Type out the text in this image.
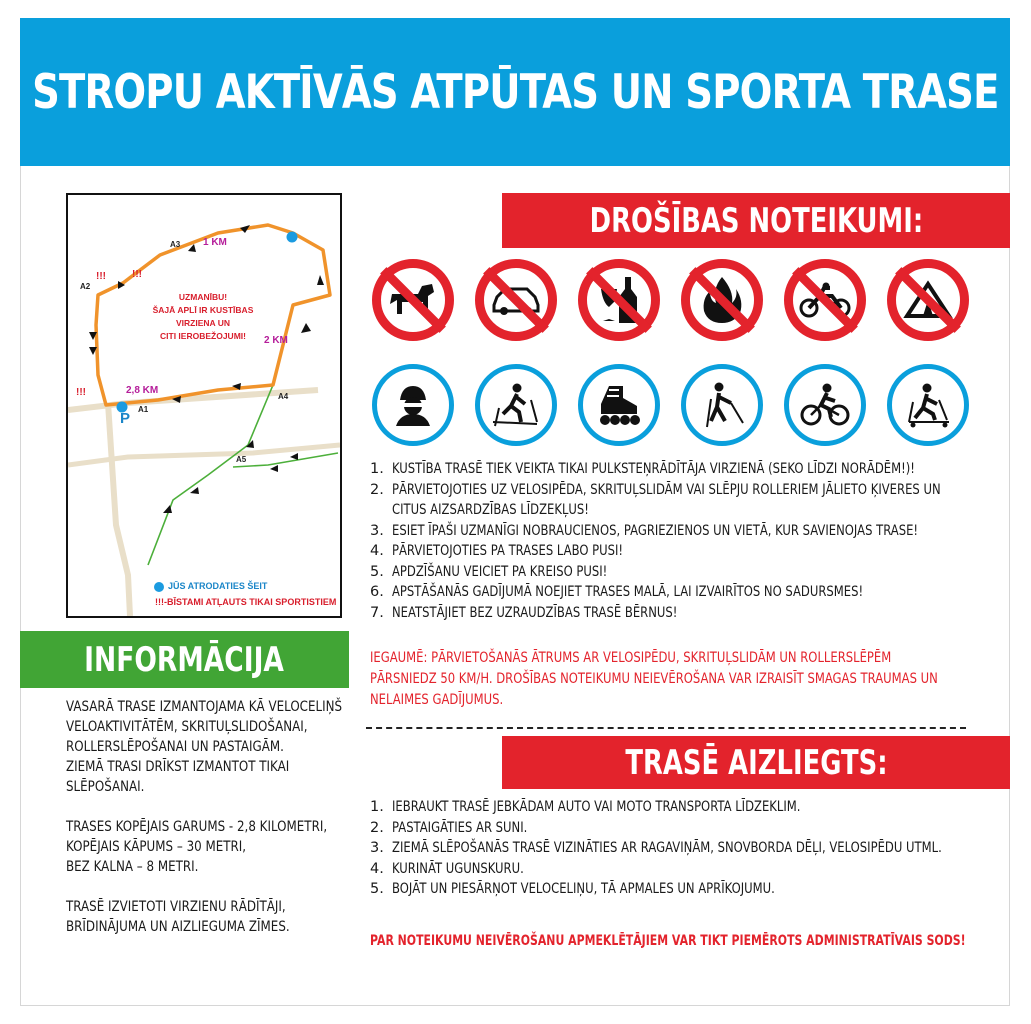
STROPU AKTĪVĀS ATPŪTAS UN SPORTA TRASE
A3
A2
A1
A4
A5
1 KM
2 KM
2,8 KM
!!!	!!!
!!!
UZMANĪBU!
ŠAJĀ APLĪ IR KUSTĪBAS VIRZIENA UN
CITI IEROBEŽOJUMI!
P
JŪS ATRODATIES ŠEIT
!!!-BĪSTAMI ATĻAUTS TIKAI SPORTISTIEM
INFORMĀCIJA
VASARĀ TRASE IZMANTOJAMA KĀ VELOCELIŅŠ
VELOAKTIVITĀTĒM, SKRITUĻSLIDOŠANAI,
ROLLERSLĒPOŠANAI UN PASTAIGĀM.
ZIEMĀ TRASI DRĪKST IZMANTOT TIKAI
SLĒPOŠANAI.
TRASES KOPĒJAIS GARUMS - 2,8 KILOMETRI,
KOPĒJAIS KĀPUMS – 30 METRI,
BEZ KALNA – 8 METRI.
TRASĒ IZVIETOTI VIRZIENU RĀDĪTĀJI,
BRĪDINĀJUMA UN AIZLIEGUMA ZĪMES.
DROŠĪBAS NOTEIKUMI:
1. KUSTĪBA TRASĒ TIEK VEIKTA TIKAI PULKSTEŅRĀDĪTĀJA VIRZIENĀ (SEKO LĪDZI NORĀDĒM!)!
2. PĀRVIETOJOTIES UZ VELOSIPĒDA, SKRITUĻSLIDĀM VAI SLĒPJU ROLLERIEM JĀLIETO ĶIVERES UN
CITUS AIZSARDZĪBAS LĪDZEKĻUS!
3. ESIET ĪPAŠI UZMANĪGI NOBRAUCIENOS, PAGRIEZIENOS UN VIETĀ, KUR SAVIENOJAS TRASE!
4. PĀRVIETOJOTIES PA TRASES LABO PUSI!
5. APDZĪŠANU VEICIET PA KREISO PUSI!
6. APSTĀŠANĀS GADĪJUMĀ NOEJIET TRASES MALĀ, LAI IZVAIRĪTOS NO SADURSMES!
7. NEATSTĀJIET BEZ UZRAUDZĪBAS TRASĒ BĒRNUS!
IEGAUMĒ: PĀRVIETOŠANĀS ĀTRUMS AR VELOSIPĒDU, SKRITUĻSLIDĀM UN ROLLERSLĒPĒM
PĀRSNIEDZ 50 KM/H. DROŠĪBAS NOTEIKUMU NEIEVĒROŠANA VAR IZRAISĪT SMAGAS TRAUMAS UN
NELAIMES GADĪJUMUS.
TRASĒ AIZLIEGTS:
1. IEBRAUKT TRASĒ JEBKĀDAM AUTO VAI MOTO TRANSPORTA LĪDZEKLIM.
2. PASTAIGĀTIES AR SUNI.
3. ZIEMĀ SLĒPOŠANĀS TRASĒ VIZINĀTIES AR RAGAVIŅĀM, SNOVBORDA DĒĻI, VELOSIPĒDU UTML.
4. KURINĀT UGUNSKURU.
5. BOJĀT UN PIESĀRŅOT VELOCELIŅU, TĀ APMALES UN APRĪKOJUMU.
PAR NOTEIKUMU NEIVĒROŠANU APMEKLĒTĀJIEM VAR TIKT PIEMĒROTS ADMINISTRATĪVAIS SODS!
